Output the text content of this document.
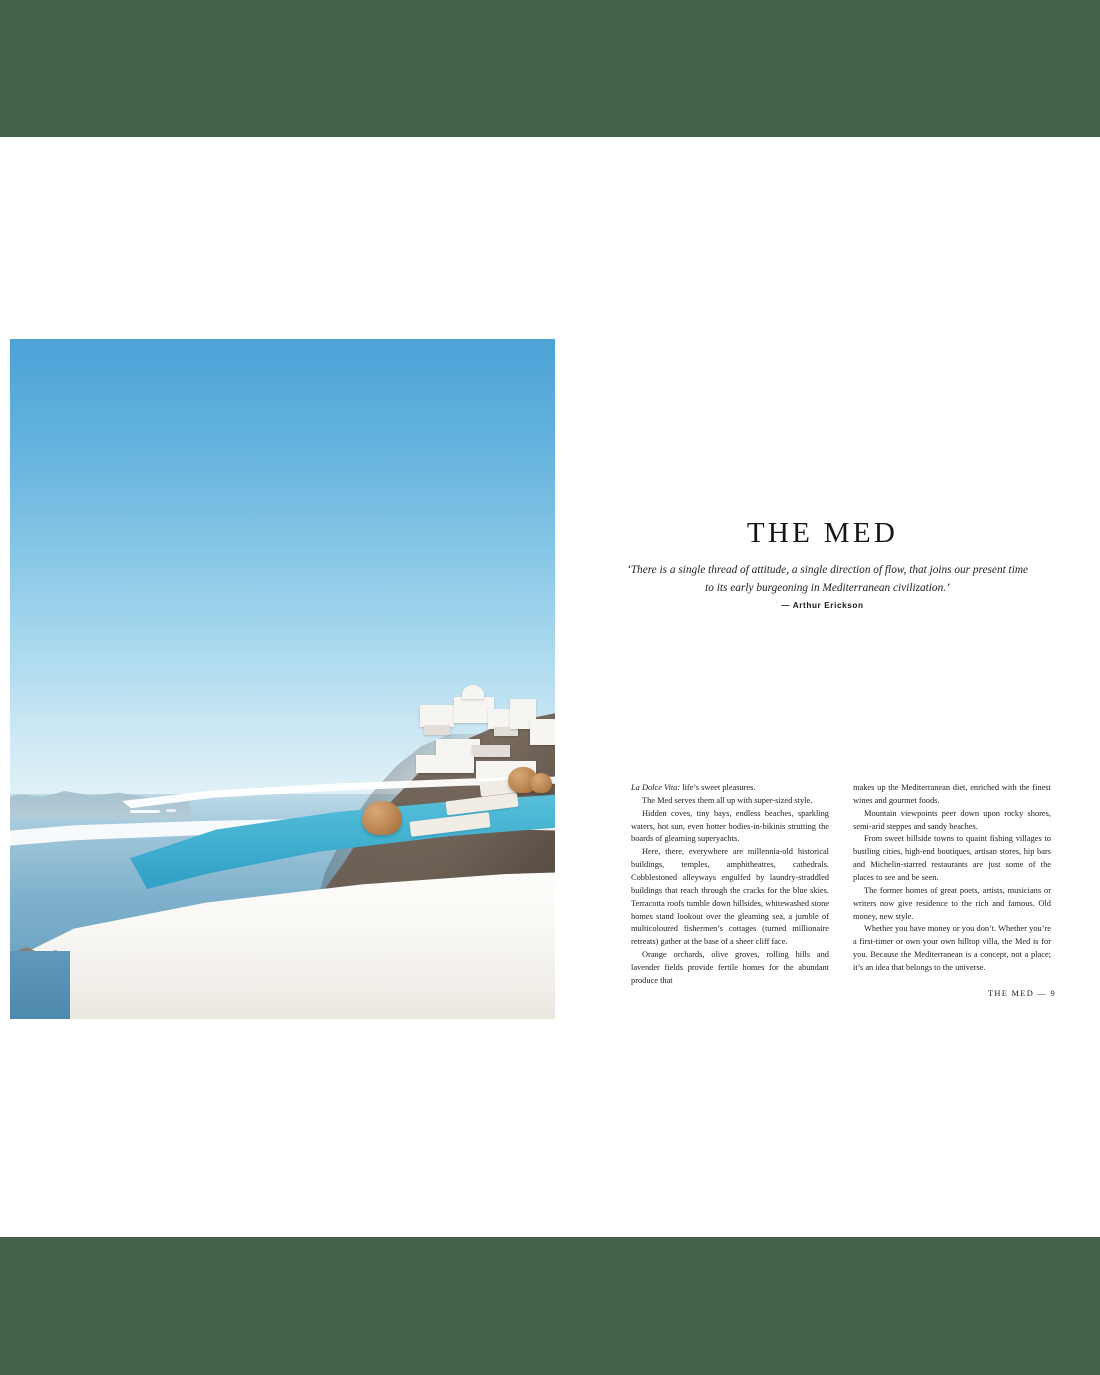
THE MED
‘There is a single thread of attitude, a single direction of flow, that joins our present time to its early burgeoning in Mediterranean civilization.’
— Arthur Erickson

La Dolce Vita: life’s sweet pleasures.

The Med serves them all up with super-sized style.

Hidden coves, tiny bays, endless beaches, sparkling waters, hot sun, even hotter bodies-in-bikinis strutting the boards of gleaming superyachts.

Here, there, everywhere are millennia-old historical buildings, temples, amphitheatres, cathedrals. Cobblestoned alleyways engulfed by laundry-straddled buildings that reach through the cracks for the blue skies. Terracotta roofs tumble down hillsides, whitewashed stone homes stand lookout over the gleaming sea, a jumble of multicoloured fishermen’s cottages (turned millionaire retreats) gather at the base of a sheer cliff face.

Orange orchards, olive groves, rolling hills and lavender fields provide fertile homes for the abundant produce that

makes up the Mediterranean diet, enriched with the finest wines and gourmet foods.

Mountain viewpoints peer down upon rocky shores, semi-arid steppes and sandy beaches.

From sweet hillside towns to quaint fishing villages to bustling cities, high-end boutiques, artisan stores, hip bars and Michelin-starred restaurants are just some of the places to see and be seen.

The former homes of great poets, artists, musicians or writers now give residence to the rich and famous. Old money, new style.

Whether you have money or you don’t. Whether you’re a first-timer or own your own hilltop villa, the Med is for you. Because the Mediterranean is a concept, not a place; it’s an idea that belongs to the universe.

THE MED — 9
